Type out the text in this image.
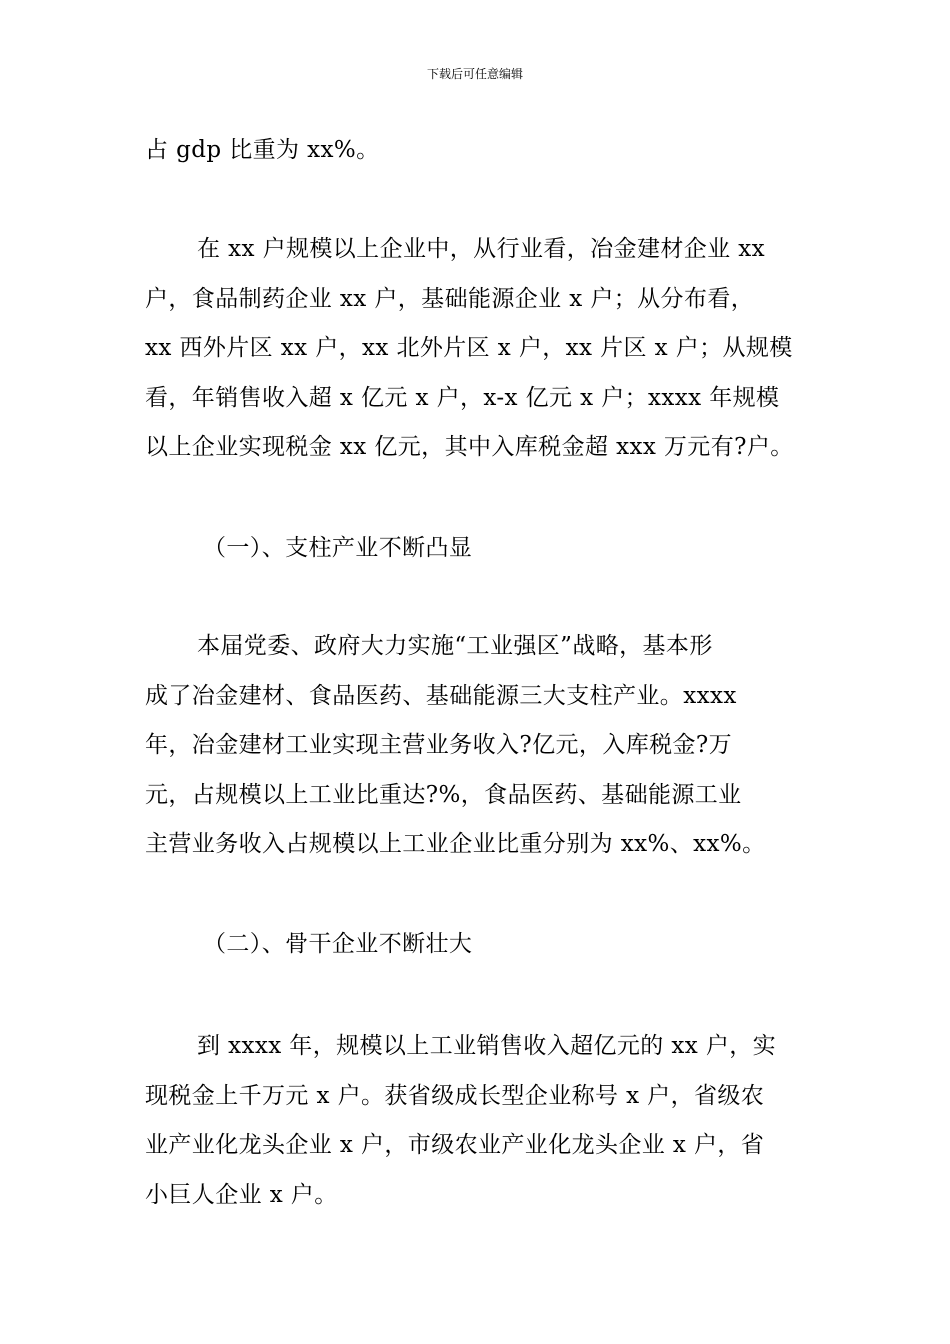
下载后可任意编辑
占 gdp 比重为 xx%。
在 xx 户规模以上企业中，从行业看，冶金建材企业 xx
户，食品制药企业 xx 户，基础能源企业 x 户；从分布看，
xx 西外片区 xx 户，xx 北外片区 x 户，xx 片区 x 户；从规模
看，年销售收入超 x 亿元 x 户，x-x 亿元 x 户；xxxx 年规模
以上企业实现税金 xx 亿元，其中入库税金超 xxx 万元有?户。
（一）、支柱产业不断凸显
本届党委、政府大力实施“工业强区”战略，基本形
成了冶金建材、食品医药、基础能源三大支柱产业。xxxx
年，冶金建材工业实现主营业务收入?亿元，入库税金?万
元，占规模以上工业比重达?%，食品医药、基础能源工业
主营业务收入占规模以上工业企业比重分别为 xx%、xx%。
（二）、骨干企业不断壮大
到 xxxx 年，规模以上工业销售收入超亿元的 xx 户，实
现税金上千万元 x 户。获省级成长型企业称号 x 户，省级农
业产业化龙头企业 x 户，市级农业产业化龙头企业 x 户，省
小巨人企业 x 户。
